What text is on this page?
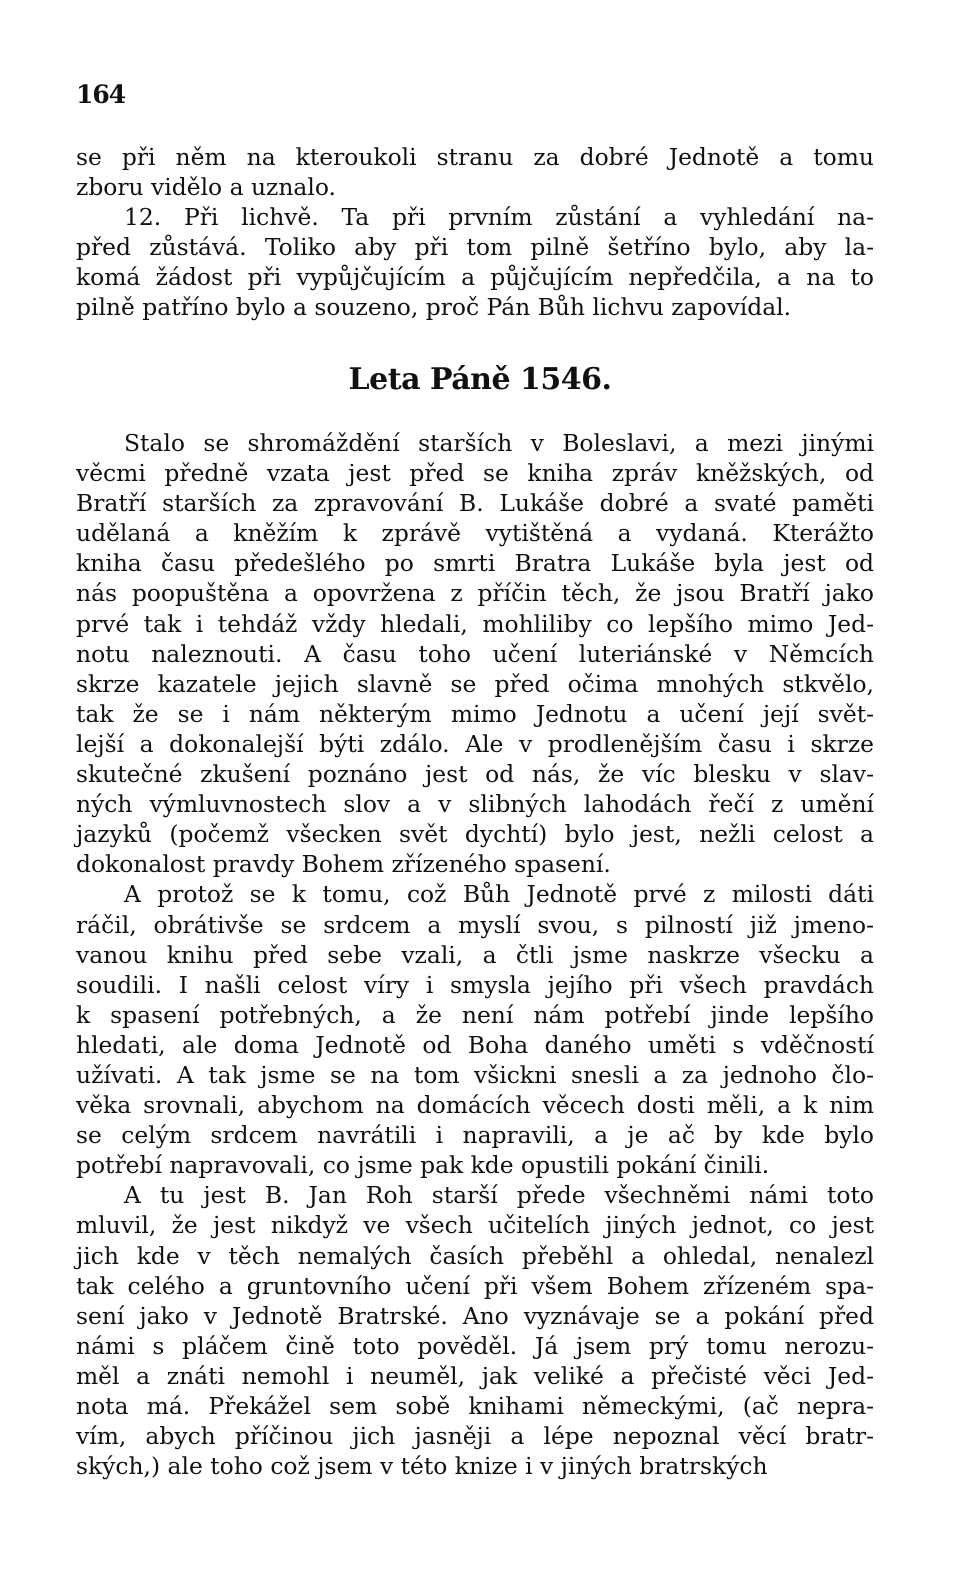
164
se při něm na kteroukoli stranu za dobré Jednotě a tomu
zboru vidělo a uznalo.
12. Při lichvě. Ta při prvním zůstání a vyhledání na-
před zůstává. Toliko aby při tom pilně šetříno bylo, aby la-
komá žádost při vypůjčujícím a půjčujícím nepředčila, a na to
pilně patříno bylo a souzeno, proč Pán Bůh lichvu zapovídal.
Leta Páně 1546.
Stalo se shromáždění starších v Boleslavi, a mezi jinými
věcmi předně vzata jest před se kniha zpráv kněžských, od
Bratří starších za zpravování B. Lukáše dobré a svaté paměti
udělaná a kněžím k zprávě vytištěná a vydaná. Kterážto
kniha času předešlého po smrti Bratra Lukáše byla jest od
nás poopuštěna a opovržena z příčin těch, že jsou Bratří jako
prvé tak i tehdáž vždy hledali, mohliliby co lepšího mimo Jed-
notu naleznouti. A času toho učení luteriánské v Němcích
skrze kazatele jejich slavně se před očima mnohých stkvělo,
tak že se i nám některým mimo Jednotu a učení její svět-
lejší a dokonalejší býti zdálo. Ale v prodlenějším času i skrze
skutečné zkušení poznáno jest od nás, že víc blesku v slav-
ných výmluvnostech slov a v slibných lahodách řečí z umění
jazyků (počemž všecken svět dychtí) bylo jest, nežli celost a
dokonalost pravdy Bohem zřízeného spasení.
A protož se k tomu, což Bůh Jednotě prvé z milosti dáti
ráčil, obrátivše se srdcem a myslí svou, s pilností již jmeno-
vanou knihu před sebe vzali, a čtli jsme naskrze všecku a
soudili. I našli celost víry i smysla jejího při všech pravdách
k spasení potřebných, a že není nám potřebí jinde lepšího
hledati, ale doma Jednotě od Boha daného uměti s vděčností
užívati. A tak jsme se na tom všickni snesli a za jednoho člo-
věka srovnali, abychom na domácích věcech dosti měli, a k nim
se celým srdcem navrátili i napravili, a je ač by kde bylo
potřebí napravovali, co jsme pak kde opustili pokání činili.
A tu jest B. Jan Roh starší přede všechněmi námi toto
mluvil, že jest nikdyž ve všech učitelích jiných jednot, co jest
jich kde v těch nemalých časích přeběhl a ohledal, nenalezl
tak celého a gruntovního učení při všem Bohem zřízeném spa-
sení jako v Jednotě Bratrské. Ano vyznávaje se a pokání před
námi s pláčem čině toto pověděl. Já jsem prý tomu nerozu-
měl a znáti nemohl i neuměl, jak veliké a přečisté věci Jed-
nota má. Překážel sem sobě knihami německými, (ač nepra-
vím, abych příčinou jich jasněji a lépe nepoznal věcí bratr-
ských,) ale toho což jsem v této knize i v jiných bratrských
